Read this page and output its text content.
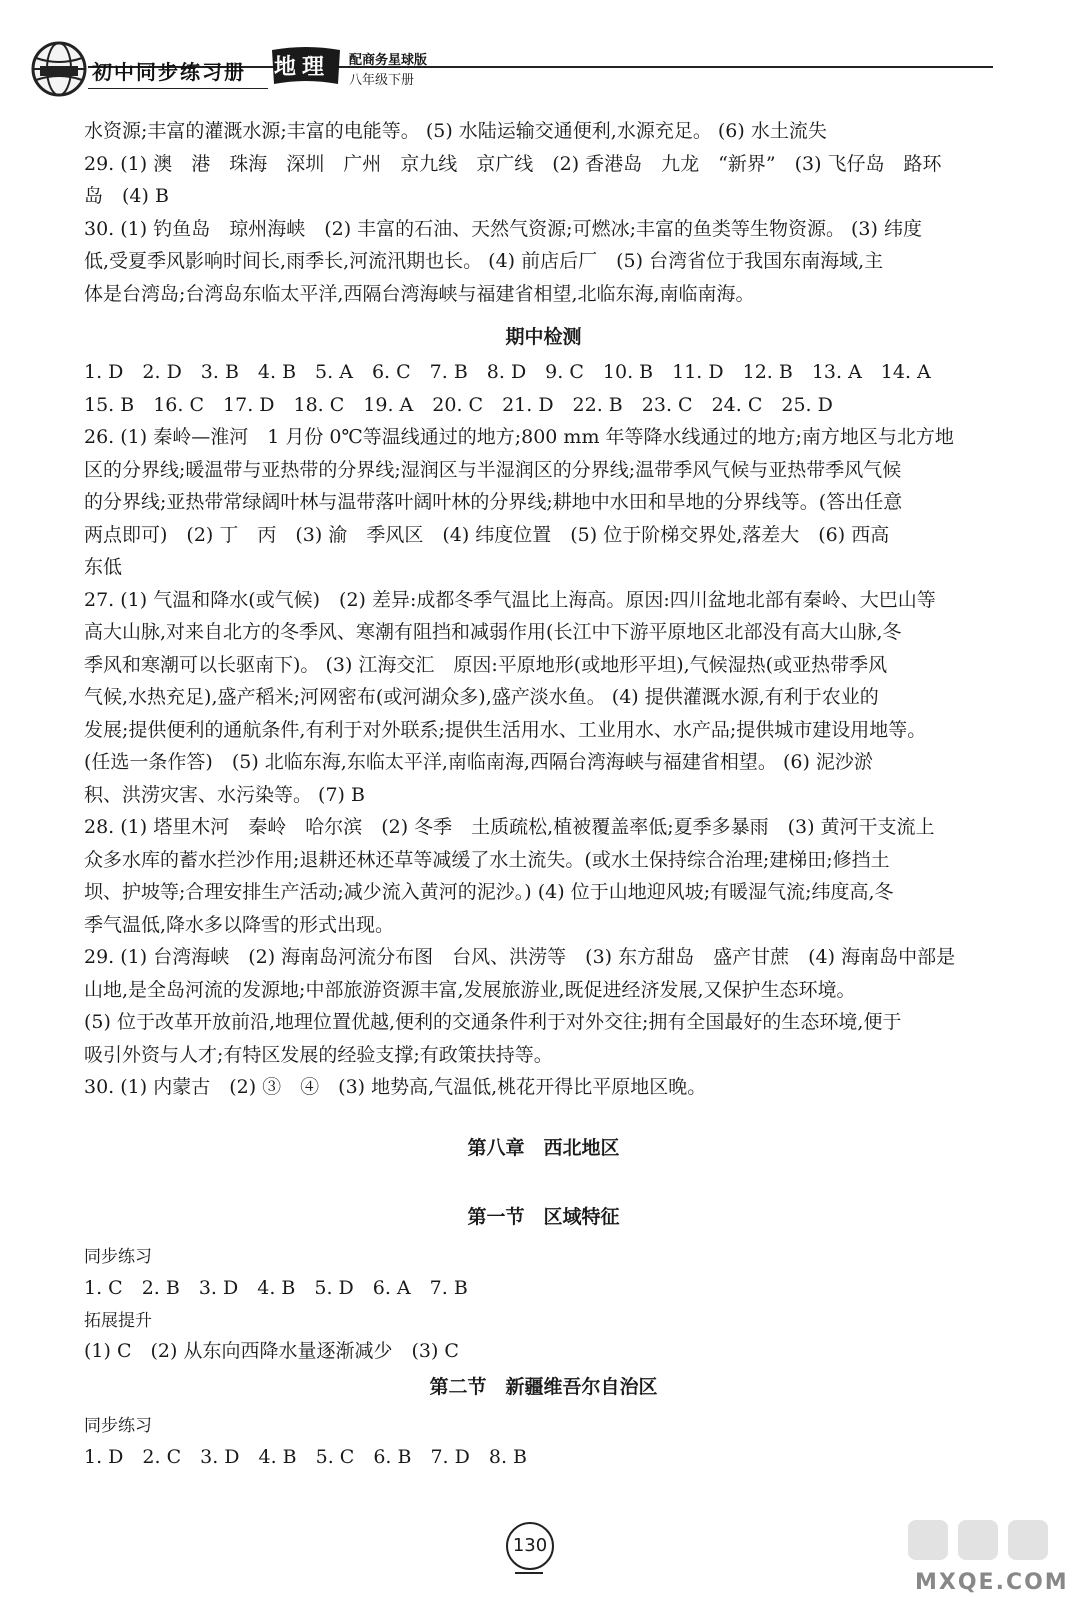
初中同步练习册 地理 配商务星球版
八年级下册
水资源;丰富的灌溉水源;丰富的电能等。 (5) 水陆运输交通便利,水源充足。 (6) 水土流失
29. (1) 澳　港　珠海　深圳　广州　京九线　京广线　(2) 香港岛　九龙　“新界”　(3) 飞仔岛　路环
岛　(4) B
30. (1) 钓鱼岛　琼州海峡　(2) 丰富的石油、天然气资源;可燃冰;丰富的鱼类等生物资源。 (3) 纬度
低,受夏季风影响时间长,雨季长,河流汛期也长。 (4) 前店后厂　(5) 台湾省位于我国东南海域,主
体是台湾岛;台湾岛东临太平洋,西隔台湾海峡与福建省相望,北临东海,南临南海。
期中检测
1. D　2. D　3. B　4. B　5. A　6. C　7. B　8. D　9. C　10. B　11. D　12. B　13. A　14. A
15. B　16. C　17. D　18. C　19. A　20. C　21. D　22. B　23. C　24. C　25. D
26. (1) 秦岭—淮河　1 月份 0℃等温线通过的地方;800 mm 年等降水线通过的地方;南方地区与北方地
区的分界线;暖温带与亚热带的分界线;湿润区与半湿润区的分界线;温带季风气候与亚热带季风气候
的分界线;亚热带常绿阔叶林与温带落叶阔叶林的分界线;耕地中水田和旱地的分界线等。(答出任意
两点即可)　(2) 丁　丙　(3) 渝　季风区　(4) 纬度位置　(5) 位于阶梯交界处,落差大　(6) 西高
东低
27. (1) 气温和降水(或气候)　(2) 差异:成都冬季气温比上海高。原因:四川盆地北部有秦岭、大巴山等
高大山脉,对来自北方的冬季风、寒潮有阻挡和减弱作用(长江中下游平原地区北部没有高大山脉,冬
季风和寒潮可以长驱南下)。 (3) 江海交汇　原因:平原地形(或地形平坦),气候湿热(或亚热带季风
气候,水热充足),盛产稻米;河网密布(或河湖众多),盛产淡水鱼。 (4) 提供灌溉水源,有利于农业的
发展;提供便利的通航条件,有利于对外联系;提供生活用水、工业用水、水产品;提供城市建设用地等。
(任选一条作答)　(5) 北临东海,东临太平洋,南临南海,西隔台湾海峡与福建省相望。 (6) 泥沙淤
积、洪涝灾害、水污染等。 (7) B
28. (1) 塔里木河　秦岭　哈尔滨　(2) 冬季　土质疏松,植被覆盖率低;夏季多暴雨　(3) 黄河干支流上
众多水库的蓄水拦沙作用;退耕还林还草等减缓了水土流失。(或水土保持综合治理;建梯田;修挡土
坝、护坡等;合理安排生产活动;减少流入黄河的泥沙。) (4) 位于山地迎风坡;有暖湿气流;纬度高,冬
季气温低,降水多以降雪的形式出现。
29. (1) 台湾海峡　(2) 海南岛河流分布图　台风、洪涝等　(3) 东方甜岛　盛产甘蔗　(4) 海南岛中部是
山地,是全岛河流的发源地;中部旅游资源丰富,发展旅游业,既促进经济发展,又保护生态环境。
(5) 位于改革开放前沿,地理位置优越,便利的交通条件利于对外交往;拥有全国最好的生态环境,便于
吸引外资与人才;有特区发展的经验支撑;有政策扶持等。
30. (1) 内蒙古　(2) ③　④　(3) 地势高,气温低,桃花开得比平原地区晚。
第八章　西北地区
第一节　区域特征
同步练习
1. C　2. B　3. D　4. B　5. D　6. A　7. B
拓展提升
(1) C　(2) 从东向西降水量逐渐减少　(3) C
第二节　新疆维吾尔自治区
同步练习
1. D　2. C　3. D　4. B　5. C　6. B　7. D　8. B
130
MXQE.COM
